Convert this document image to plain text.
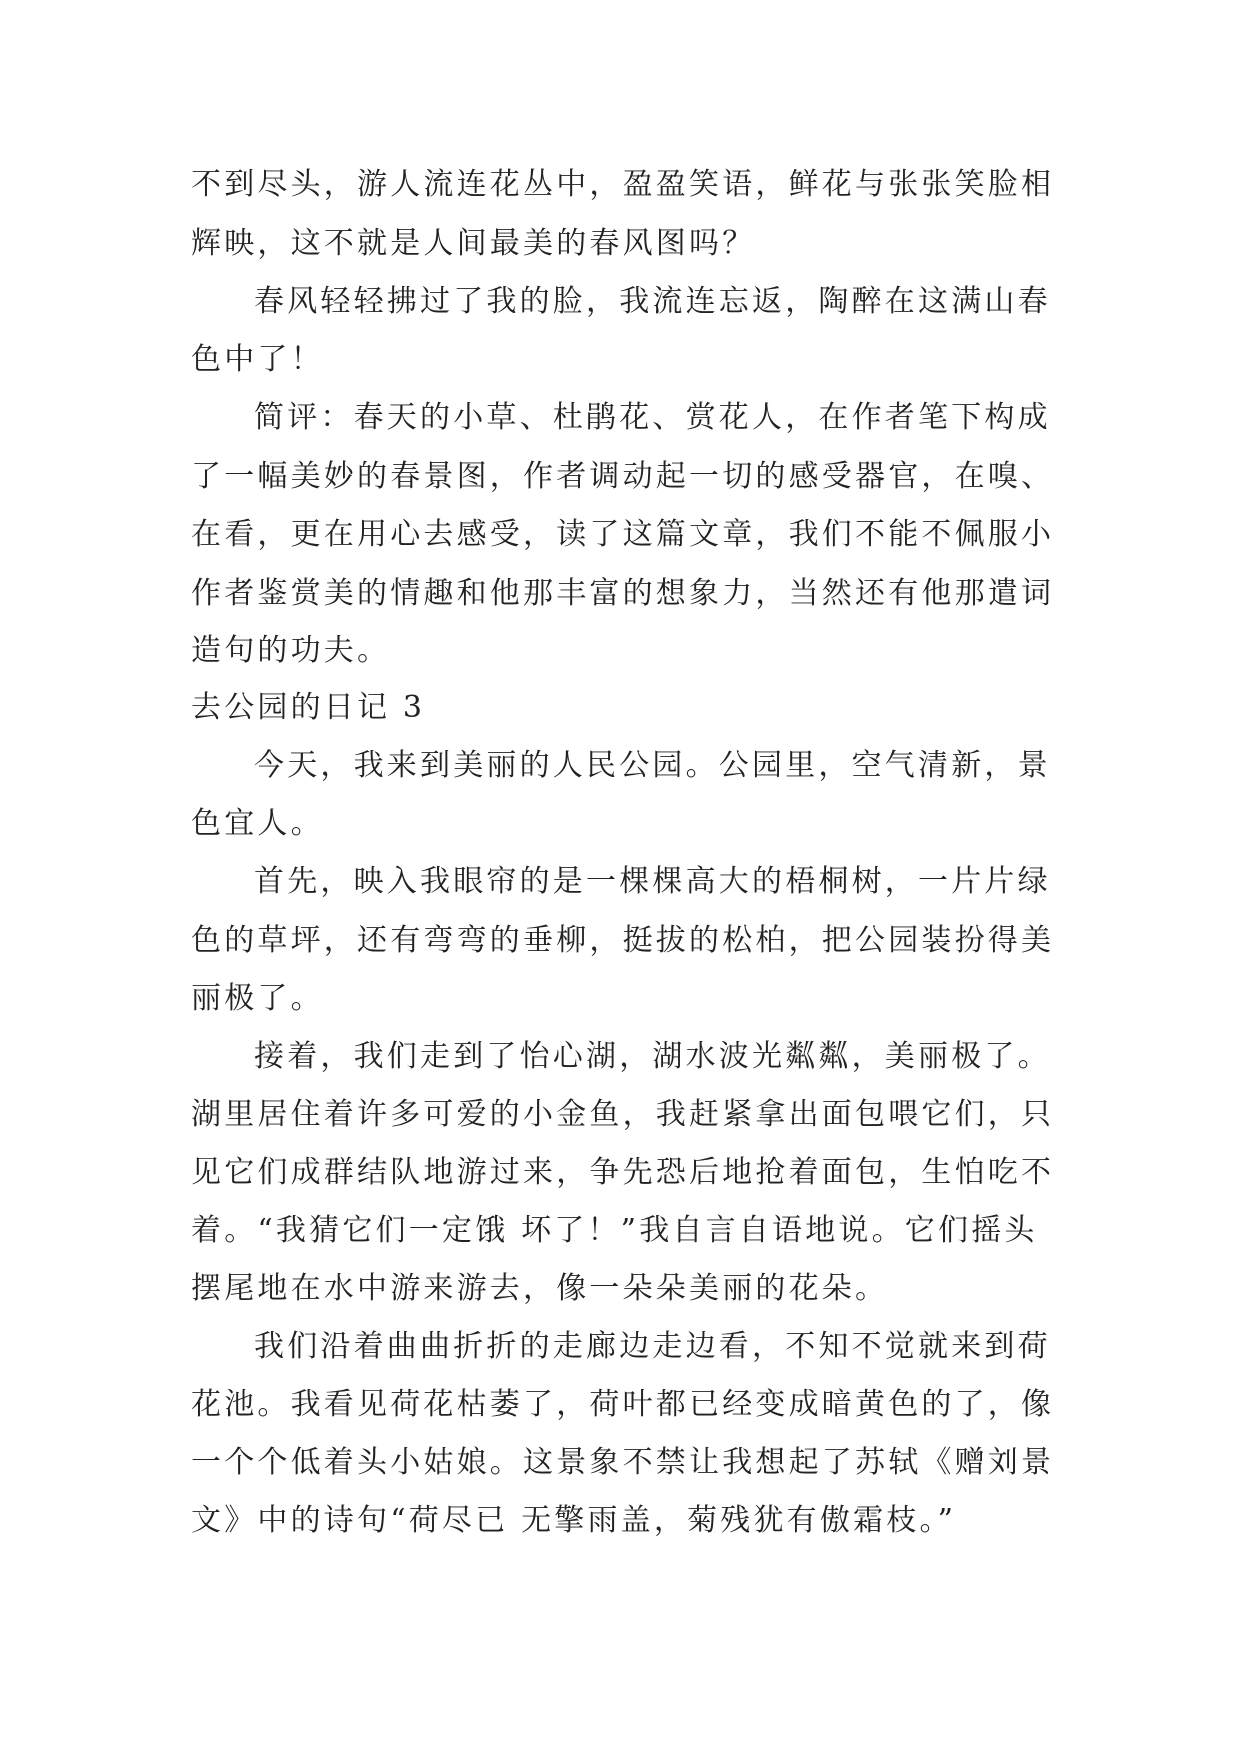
不到尽头，游人流连花丛中，盈盈笑语，鲜花与张张笑脸相
辉映，这不就是人间最美的春风图吗？
春风轻轻拂过了我的脸，我流连忘返，陶醉在这满山春
色中了！
简评：春天的小草、杜鹃花、赏花人，在作者笔下构成
了一幅美妙的春景图，作者调动起一切的感受器官，在嗅、
在看，更在用心去感受，读了这篇文章，我们不能不佩服小
作者鉴赏美的情趣和他那丰富的想象力，当然还有他那遣词
造句的功夫。
去公园的日记 3
今天，我来到美丽的人民公园。公园里，空气清新，景
色宜人。
首先，映入我眼帘的是一棵棵高大的梧桐树，一片片绿
色的草坪，还有弯弯的垂柳，挺拔的松柏，把公园装扮得美
丽极了。
接着，我们走到了怡心湖，湖水波光粼粼，美丽极了。
湖里居住着许多可爱的小金鱼，我赶紧拿出面包喂它们，只
见它们成群结队地游过来，争先恐后地抢着面包，生怕吃不
着。“我猜它们一定饿 坏了！”我自言自语地说。它们摇头
摆尾地在水中游来游去，像一朵朵美丽的花朵。
我们沿着曲曲折折的走廊边走边看，不知不觉就来到荷
花池。我看见荷花枯萎了，荷叶都已经变成暗黄色的了，像
一个个低着头小姑娘。这景象不禁让我想起了苏轼《赠刘景
文》中的诗句“荷尽已 无擎雨盖，菊残犹有傲霜枝。”
